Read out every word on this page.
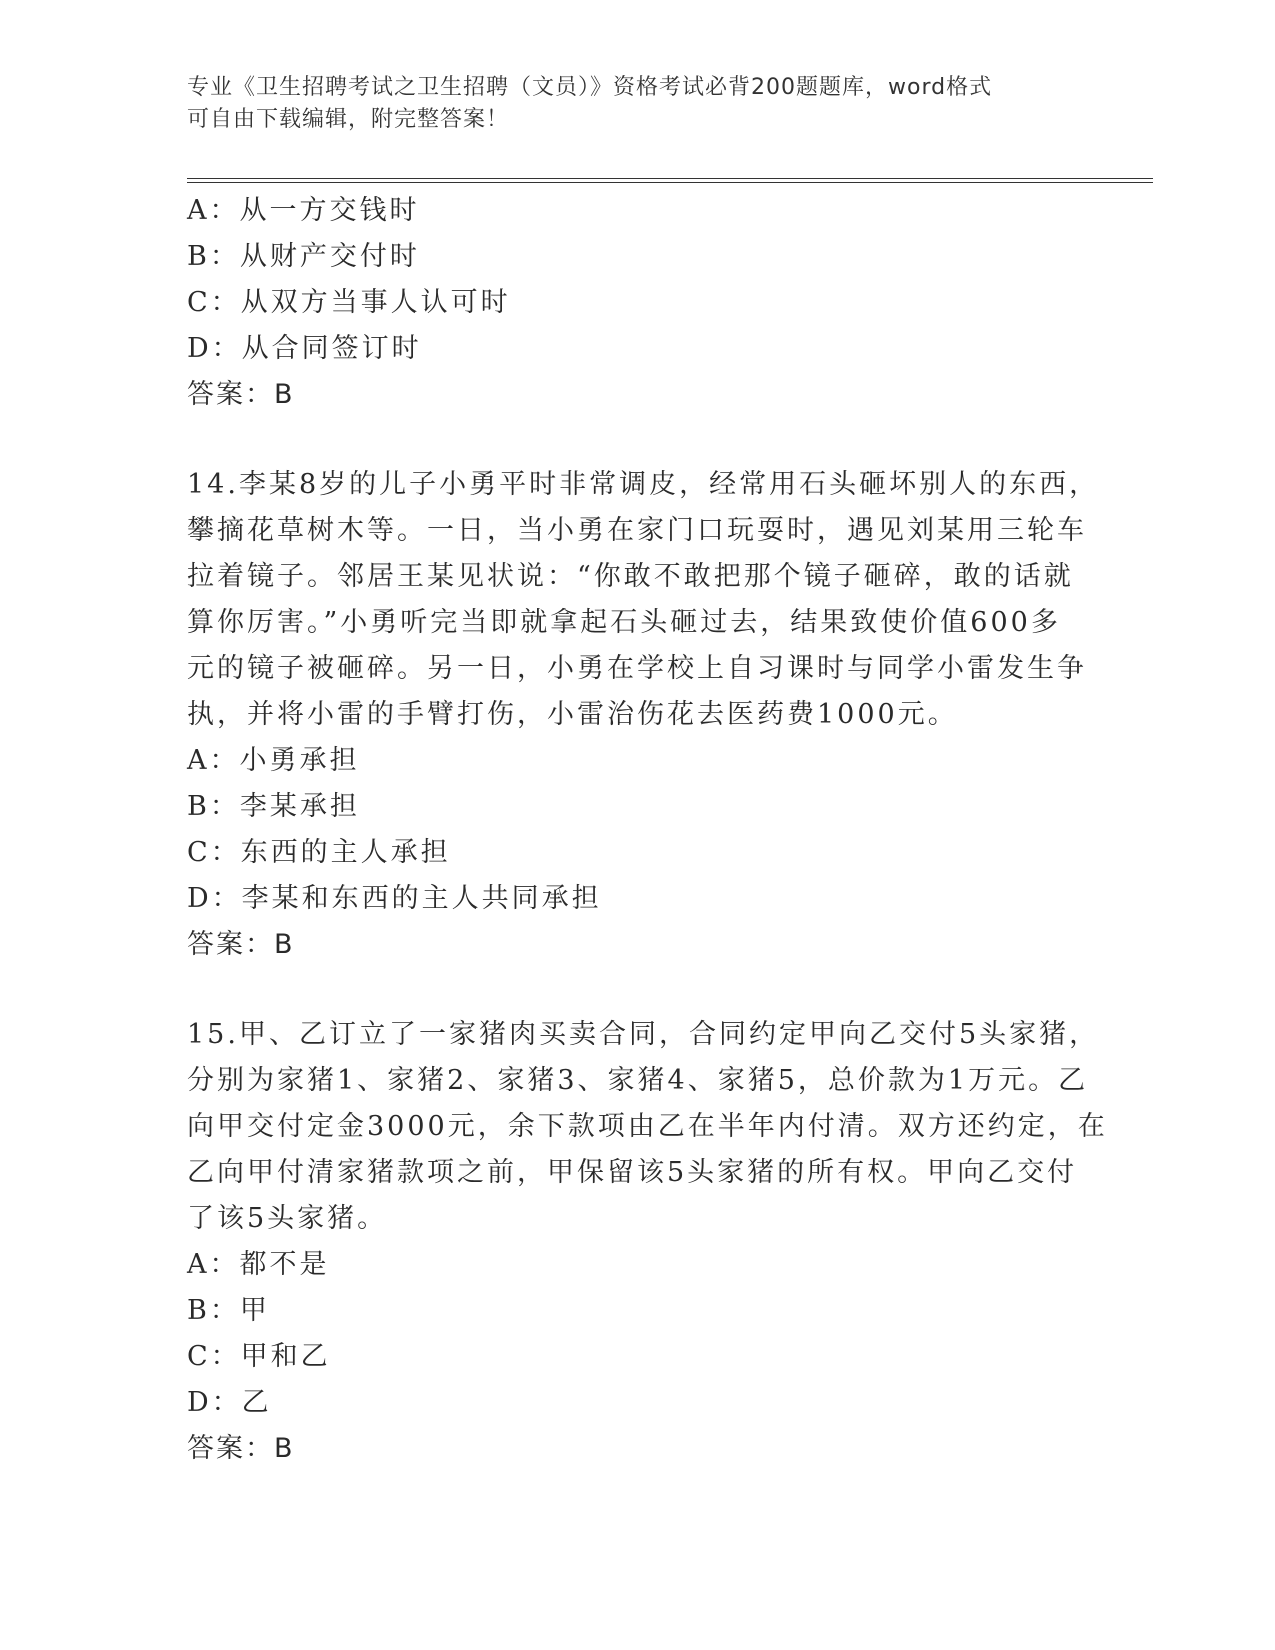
专业《卫生招聘考试之卫生招聘（文员）》资格考试必背200题题库，word格式

可自由下载编辑，附完整答案！

A：从一方交钱时

B：从财产交付时

C：从双方当事人认可时

D：从合同签订时

答案：B

14.李某8岁的儿子小勇平时非常调皮，经常用石头砸坏别人的东西，

攀摘花草树木等。一日，当小勇在家门口玩耍时，遇见刘某用三轮车

拉着镜子。邻居王某见状说：“你敢不敢把那个镜子砸碎，敢的话就

算你厉害。”小勇听完当即就拿起石头砸过去，结果致使价值600多

元的镜子被砸碎。另一日，小勇在学校上自习课时与同学小雷发生争

执，并将小雷的手臂打伤，小雷治伤花去医药费1000元。

A：小勇承担

B：李某承担

C：东西的主人承担

D：李某和东西的主人共同承担

答案：B

15.甲、乙订立了一家猪肉买卖合同，合同约定甲向乙交付5头家猪，

分别为家猪1、家猪2、家猪3、家猪4、家猪5，总价款为1万元。乙

向甲交付定金3000元，余下款项由乙在半年内付清。双方还约定，在

乙向甲付清家猪款项之前，甲保留该5头家猪的所有权。甲向乙交付

了该5头家猪。

A：都不是

B：甲

C：甲和乙

D：乙

答案：B
